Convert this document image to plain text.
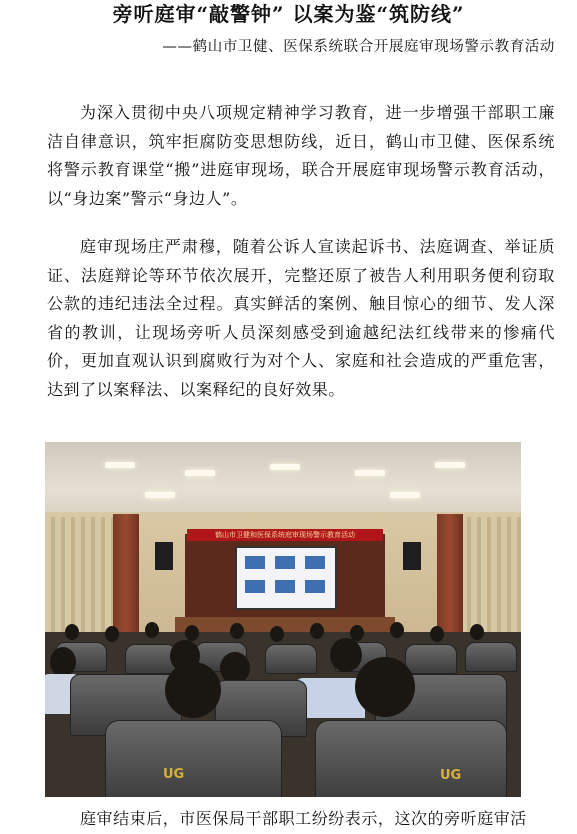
旁听庭审“敲警钟” 以案为鉴“筑防线”
——鹤山市卫健、医保系统联合开展庭审现场警示教育活动

为深入贯彻中央八项规定精神学习教育，进一步增强干部职工廉洁自律意识，筑牢拒腐防变思想防线，近日，鹤山市卫健、医保系统将警示教育课堂“搬”进庭审现场，联合开展庭审现场警示教育活动，以“身边案”警示“身边人”。

庭审现场庄严肃穆，随着公诉人宣读起诉书、法庭调查、举证质证、法庭辩论等环节依次展开，完整还原了被告人利用职务便利窃取公款的违纪违法全过程。真实鲜活的案例、触目惊心的细节、发人深省的教训，让现场旁听人员深刻感受到逾越纪法红线带来的惨痛代价，更加直观认识到腐败行为对个人、家庭和社会造成的严重危害，达到了以案释法、以案释纪的良好效果。

鹤山市卫健和医保系统庭审现场警示教育活动
UG	UG

庭审结束后，市医保局干部职工纷纷表示，这次的旁听庭审活
